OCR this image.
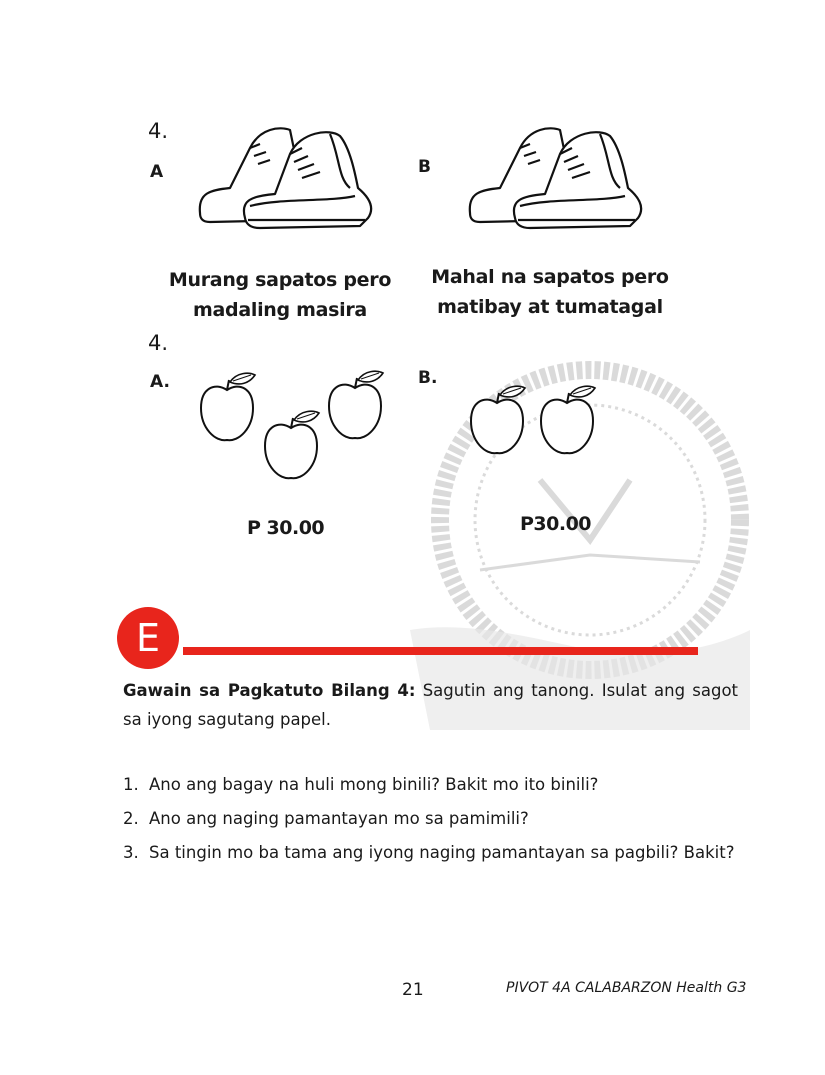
4.
A	B
Murang sapatos pero
madaling masira
Mahal na sapatos pero
matibay at tumatagal
4.
A.	B.
P 30.00	P30.00
E
Gawain sa Pagkatuto Bilang 4: Sagutin ang tanong. Isulat ang sagot sa iyong sagutang papel.
1. Ano ang bagay na huli mong binili? Bakit mo ito binili?
2. Ano ang naging pamantayan mo sa pamimili?
3. Sa tingin mo ba tama ang iyong naging pamantayan sa pagbili? Bakit?
21	PIVOT 4A CALABARZON Health G3
